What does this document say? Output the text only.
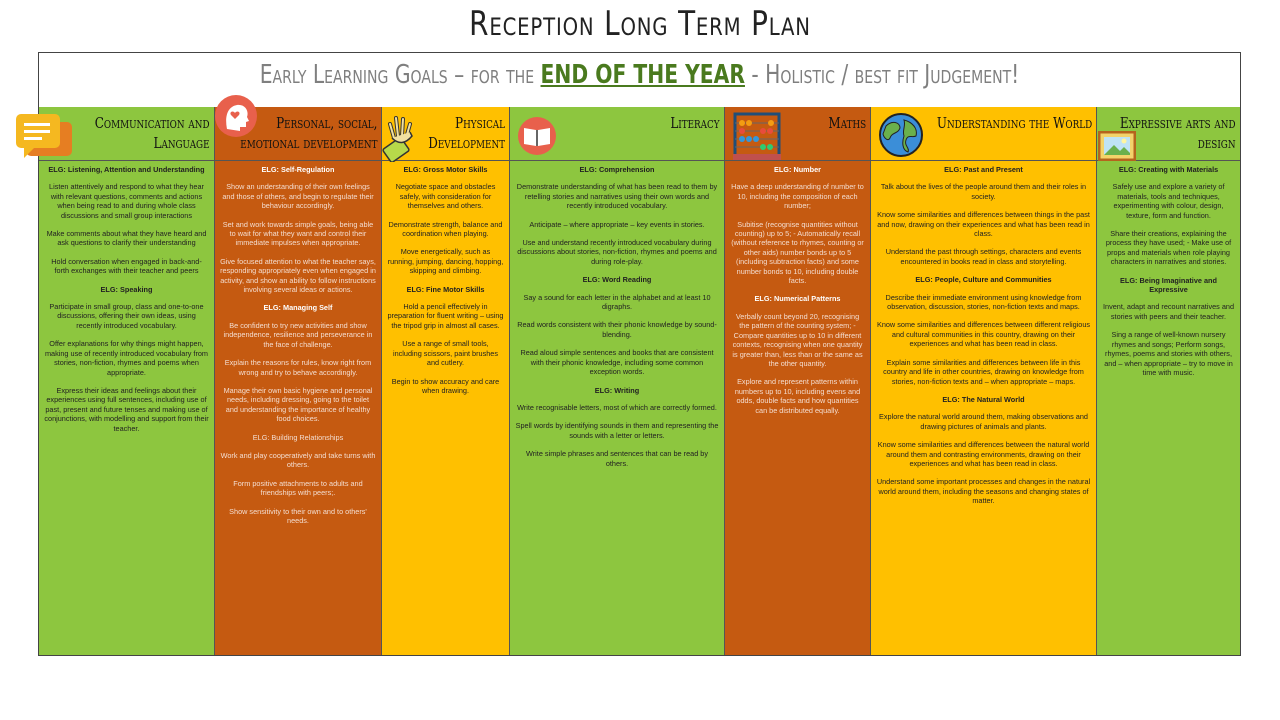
Reception Long Term Plan
Early Learning Goals – for the END OF THE YEAR - Holistic / best fit Judgement!
Communication and
Language

ELG: Listening, Attention and Understanding

Listen attentively and respond to what they hear with relevant questions, comments and actions when being read to and during whole class discussions and small group interactions

Make comments about what they have heard and ask questions to clarify their understanding

Hold conversation when engaged in back-and-forth exchanges with their teacher and peers

ELG: Speaking

Participate in small group, class and one-to-one discussions, offering their own ideas, using recently introduced vocabulary.

Offer explanations for why things might happen, making use of recently introduced vocabulary from stories, non-fiction, rhymes and poems when appropriate.

Express their ideas and feelings about their experiences using full sentences, including use of past, present and future tenses and making use of conjunctions, with modelling and support from their teacher.

Personal, social,
emotional development

ELG: Self-Regulation

Show an understanding of their own feelings and those of others, and begin to regulate their behaviour accordingly.

Set and work towards simple goals, being able to wait for what they want and control their immediate impulses when appropriate.

Give focused attention to what the teacher says, responding appropriately even when engaged in activity, and show an ability to follow instructions involving several ideas or actions.

ELG: Managing Self

Be confident to try new activities and show independence, resilience and perseverance in the face of challenge.

Explain the reasons for rules, know right from wrong and try to behave accordingly.

Manage their own basic hygiene and personal needs, including dressing, going to the toilet and understanding the importance of healthy food choices.

ELG: Building Relationships

Work and play cooperatively and take turns with others.

Form positive attachments to adults and friendships with peers;.

Show sensitivity to their own and to others' needs.

Physical
Development

ELG: Gross Motor Skills

Negotiate space and obstacles safely, with consideration for themselves and others.

Demonstrate strength, balance and coordination when playing.

Move energetically, such as running, jumping, dancing, hopping, skipping and climbing.

ELG: Fine Motor Skills

Hold a pencil effectively in preparation for fluent writing – using the tripod grip in almost all cases.

Use a range of small tools, including scissors, paint brushes and cutlery.

Begin to show accuracy and care when drawing.

Literacy

ELG: Comprehension

Demonstrate understanding of what has been read to them by retelling stories and narratives using their own words and recently introduced vocabulary.

Anticipate – where appropriate – key events in stories.

Use and understand recently introduced vocabulary during discussions about stories, non-fiction, rhymes and poems and during role-play.

ELG: Word Reading

Say a sound for each letter in the alphabet and at least 10 digraphs.

Read words consistent with their phonic knowledge by sound-blending.

Read aloud simple sentences and books that are consistent with their phonic knowledge, including some common exception words.

ELG: Writing

Write recognisable letters, most of which are correctly formed.

Spell words by identifying sounds in them and representing the sounds with a letter or letters.

Write simple phrases and sentences that can be read by others.

Maths

ELG: Number

Have a deep understanding of number to 10, including the composition of each number;

Subitise (recognise quantities without counting) up to 5; - Automatically recall (without reference to rhymes, counting or other aids) number bonds up to 5 (including subtraction facts) and some number bonds to 10, including double facts.

ELG: Numerical Patterns

Verbally count beyond 20, recognising the pattern of the counting system; - Compare quantities up to 10 in different contexts, recognising when one quantity is greater than, less than or the same as the other quantity.

Explore and represent patterns within numbers up to 10, including evens and odds, double facts and how quantities can be distributed equally.

Understanding the World

ELG: Past and Present

Talk about the lives of the people around them and their roles in society.

Know some similarities and differences between things in the past and now, drawing on their experiences and what has been read in class.

Understand the past through settings, characters and events encountered in books read in class and storytelling.

ELG: People, Culture and Communities

Describe their immediate environment using knowledge from observation, discussion, stories, non-fiction texts and maps.

Know some similarities and differences between different religious and cultural communities in this country, drawing on their experiences and what has been read in class.

Explain some similarities and differences between life in this country and life in other countries, drawing on knowledge from stories, non-fiction texts and – when appropriate – maps.

ELG: The Natural World

Explore the natural world around them, making observations and drawing pictures of animals and plants.

Know some similarities and differences between the natural world around them and contrasting environments, drawing on their experiences and what has been read in class.

Understand some important processes and changes in the natural world around them, including the seasons and changing states of matter.

Expressive arts and
design

ELG: Creating with Materials

Safely use and explore a variety of materials, tools and techniques, experimenting with colour, design, texture, form and function.

Share their creations, explaining the process they have used; - Make use of props and materials when role playing characters in narratives and stories.

ELG: Being Imaginative and Expressive

Invent, adapt and recount narratives and stories with peers and their teacher.

Sing a range of well-known nursery rhymes and songs; Perform songs, rhymes, poems and stories with others, and – when appropriate – try to move in time with music.
